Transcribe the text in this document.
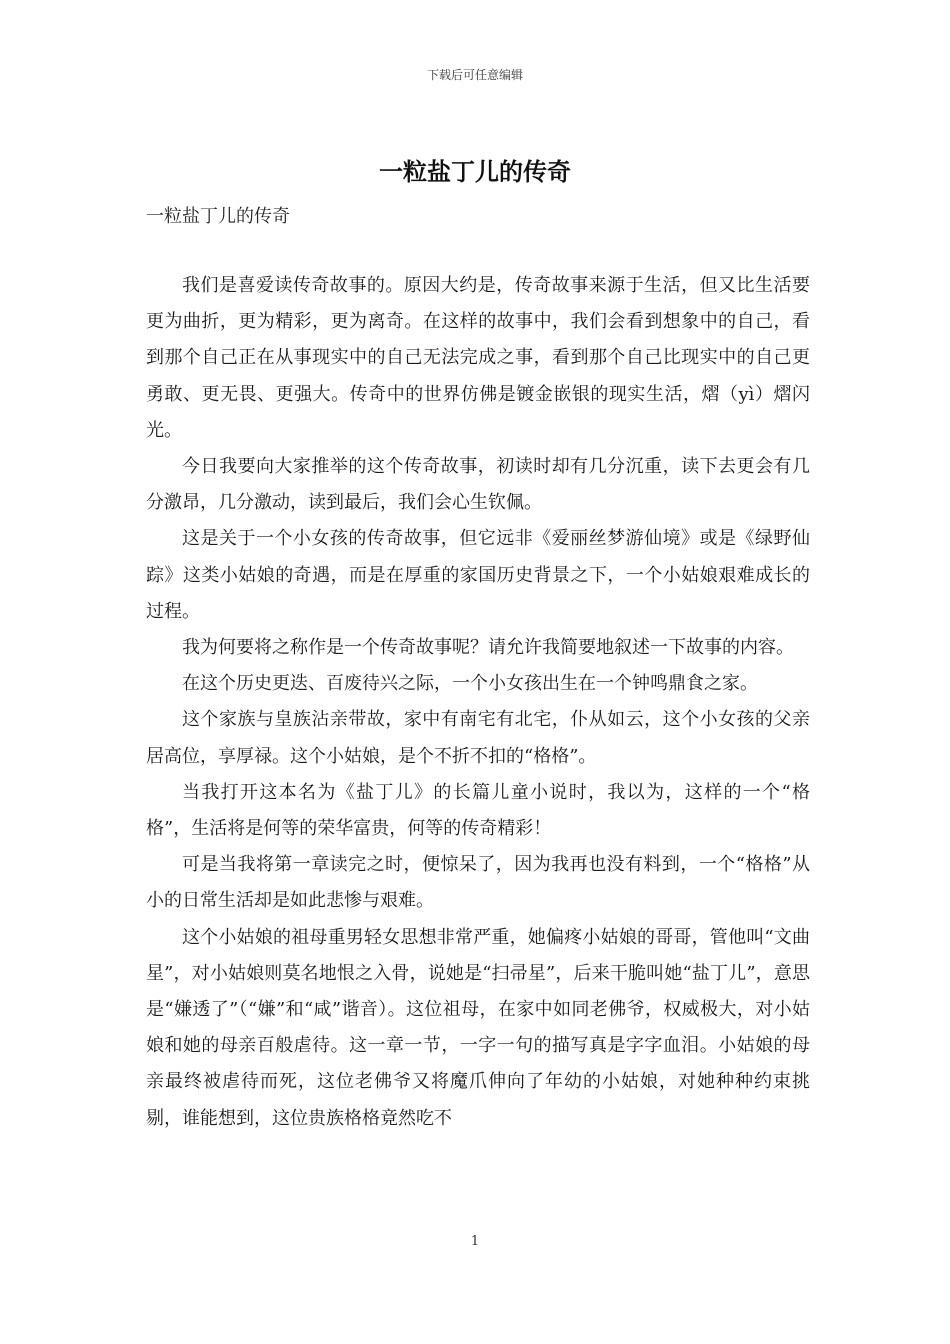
下载后可任意编辑
一粒盐丁儿的传奇
一粒盐丁儿的传奇

我们是喜爱读传奇故事的。原因大约是，传奇故事来源于生活，但又比生活要更为曲折，更为精彩，更为离奇。在这样的故事中，我们会看到想象中的自己，看到那个自己正在从事现实中的自己无法完成之事，看到那个自己比现实中的自己更勇敢、更无畏、更强大。传奇中的世界仿佛是镀金嵌银的现实生活，熠（yì）熠闪光。

今日我要向大家推举的这个传奇故事，初读时却有几分沉重，读下去更会有几分激昂，几分激动，读到最后，我们会心生钦佩。

这是关于一个小女孩的传奇故事，但它远非《爱丽丝梦游仙境》或是《绿野仙踪》这类小姑娘的奇遇，而是在厚重的家国历史背景之下，一个小姑娘艰难成长的过程。

我为何要将之称作是一个传奇故事呢？请允许我简要地叙述一下故事的内容。

在这个历史更迭、百废待兴之际，一个小女孩出生在一个钟鸣鼎食之家。

这个家族与皇族沾亲带故，家中有南宅有北宅，仆从如云，这个小女孩的父亲居高位，享厚禄。这个小姑娘，是个不折不扣的“格格”。

当我打开这本名为《盐丁儿》的长篇儿童小说时，我以为，这样的一个“格格”，生活将是何等的荣华富贵，何等的传奇精彩！

可是当我将第一章读完之时，便惊呆了，因为我再也没有料到，一个“格格”从小的日常生活却是如此悲惨与艰难。

这个小姑娘的祖母重男轻女思想非常严重，她偏疼小姑娘的哥哥，管他叫“文曲星”，对小姑娘则莫名地恨之入骨，说她是“扫帚星”，后来干脆叫她“盐丁儿”，意思是“嫌透了”（“嫌”和“咸”谐音）。这位祖母，在家中如同老佛爷，权威极大，对小姑娘和她的母亲百般虐待。这一章一节，一字一句的描写真是字字血泪。小姑娘的母亲最终被虐待而死，这位老佛爷又将魔爪伸向了年幼的小姑娘，对她种种约束挑剔，谁能想到，这位贵族格格竟然吃不

1
